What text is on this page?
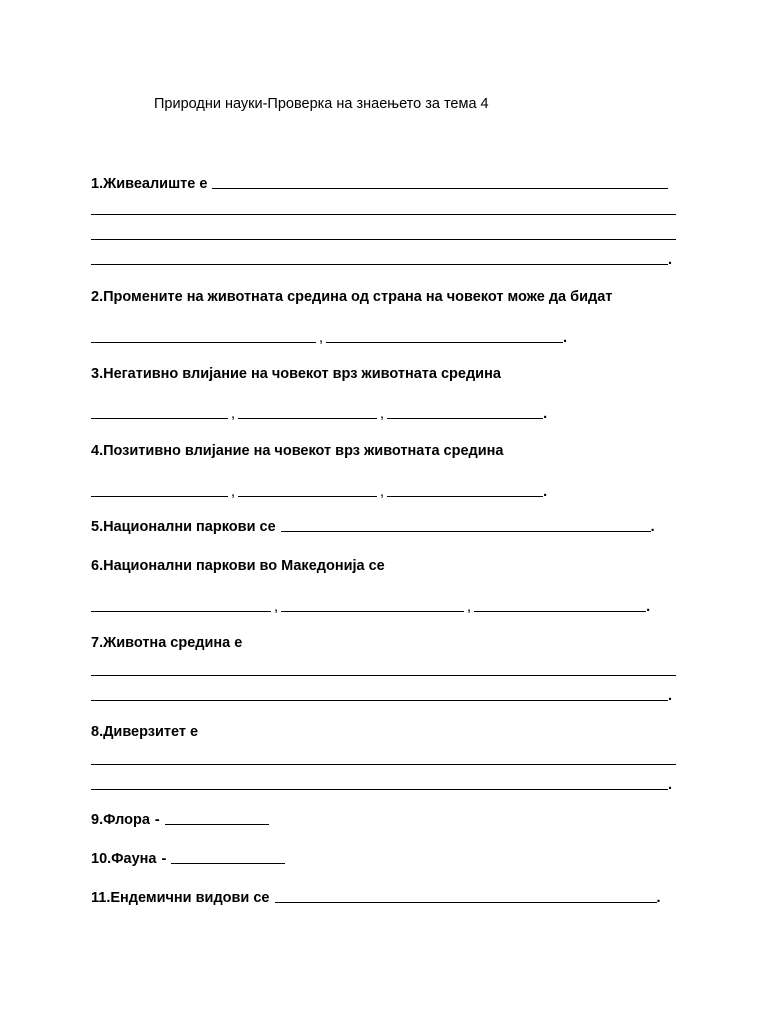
Природни науки-Проверка на знаењето за тема 4
1. Живеалиште е
.
2. Промените на животната средина од страна на човекот може да бидат
,	.
3. Негативно влијание на човекот врз животната средина
,	,	.
4. Позитивно влијание на човекот врз животната средина
,	,	.
5. Национални паркови се	.
6. Национални паркови во Македонија се
,	,	.
7. Животна средина е
.
8. Диверзитет е
.
9. Флора -
10. Фауна -
11. Ендемични видови се	.
